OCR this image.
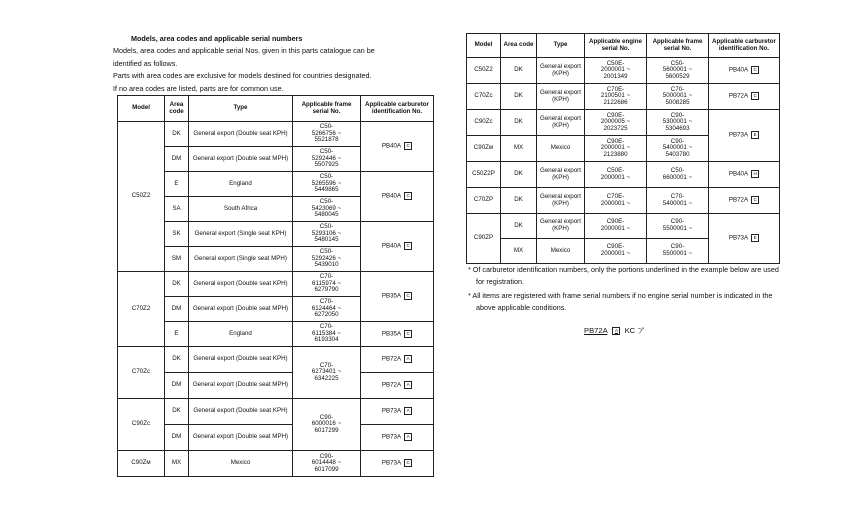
Models, area codes and applicable serial numbers
Models, area codes and applicable serial Nos. given in this parts catalogue can be
identified as follows.
Parts with area codes are exclusive for models destined for countries designated.
If no area codes are listed, parts are for common use.
Model	Area code	Type	Applicable frame serial No.	Applicable carburetor identification No.
C50Z2	DK	General export (Double seat KPH)	C50-
5266756 ~
5521878	PB40A C
	DM	General export (Double seat MPH)	C50-
5292446 ~
5507925	

	E	England	C50-
5265596 ~
5449865	PB40A C
	SA	South Africa	C50-
5423069 ~
5480045	

	SK	General export (Single seat KPH)	C50-
5293106 ~
5480145	PB40A C
	SM	General export (Single seat MPH)	C50-
5292426 ~
5439010	

C70Z2	DK	General export (Double seat KPH)	C70-
6115974 ~
6279790	PB35A C
	DM	General export (Double seat MPH)	C70-
6124464 ~
6272050	

	E	England	C70-
6115384 ~
6193304	PB35A C
C70Zc	DK	General export (Double seat KPH)	C70-
6273401 ~
6342225	PB72A A
	DM	General export (Double seat MPH)		PB72A A
C90Zc	DK	General export (Double seat KPH)	C90-
6000016 ~
6017299	PB73A A
	DM	General export (Double seat MPH)		PB73A A
C90Zм	MX	Mexico	C90-
6014448 ~
6017099	PB73A C
Model	Area code	Type	Applicable engine serial No.	Applicable frame serial No.	Applicable carburetor identification No.
C50Z2	DK	General export (KPH)	C50E-
2000001 ~
2001349	C50-
5600001 ~
5600529	PB40A C
C70Zc	DK	General export (KPH)	C70E-
2100501 ~
2122686	C70-
5000001 ~
5008285	PB72A C
C90Zc	DK	General export (KPH)	C90E-
2000005 ~
2023725	C90-
5300001 ~
5304693	PB73A E
C90Zм	MX	Mexico	C90E-
2000001 ~
2123880	C90-
5400001 ~
5403780	

C50Z2P	DK	General export (KPH)	C50E-
2000001 ~	C50-
6600001 ~	PB40A H
C70ZP	DK	General export (KPH)	C70E-
2000001 ~	C70-
5400001 ~	PB72A C
C90ZP	DK	General export (KPH)	C90E-
2000001 ~	C90-
5500001 ~	PB73A E
	MX	Mexico	C90E-
2000001 ~	C90-
5500001 ~	

* Of carburetor identification numbers, only the portions underlined in the example below are used for registration.

* All items are registered with frame serial numbers if no engine serial number is indicated in the above applicable conditions.

PB72A A KC ア
